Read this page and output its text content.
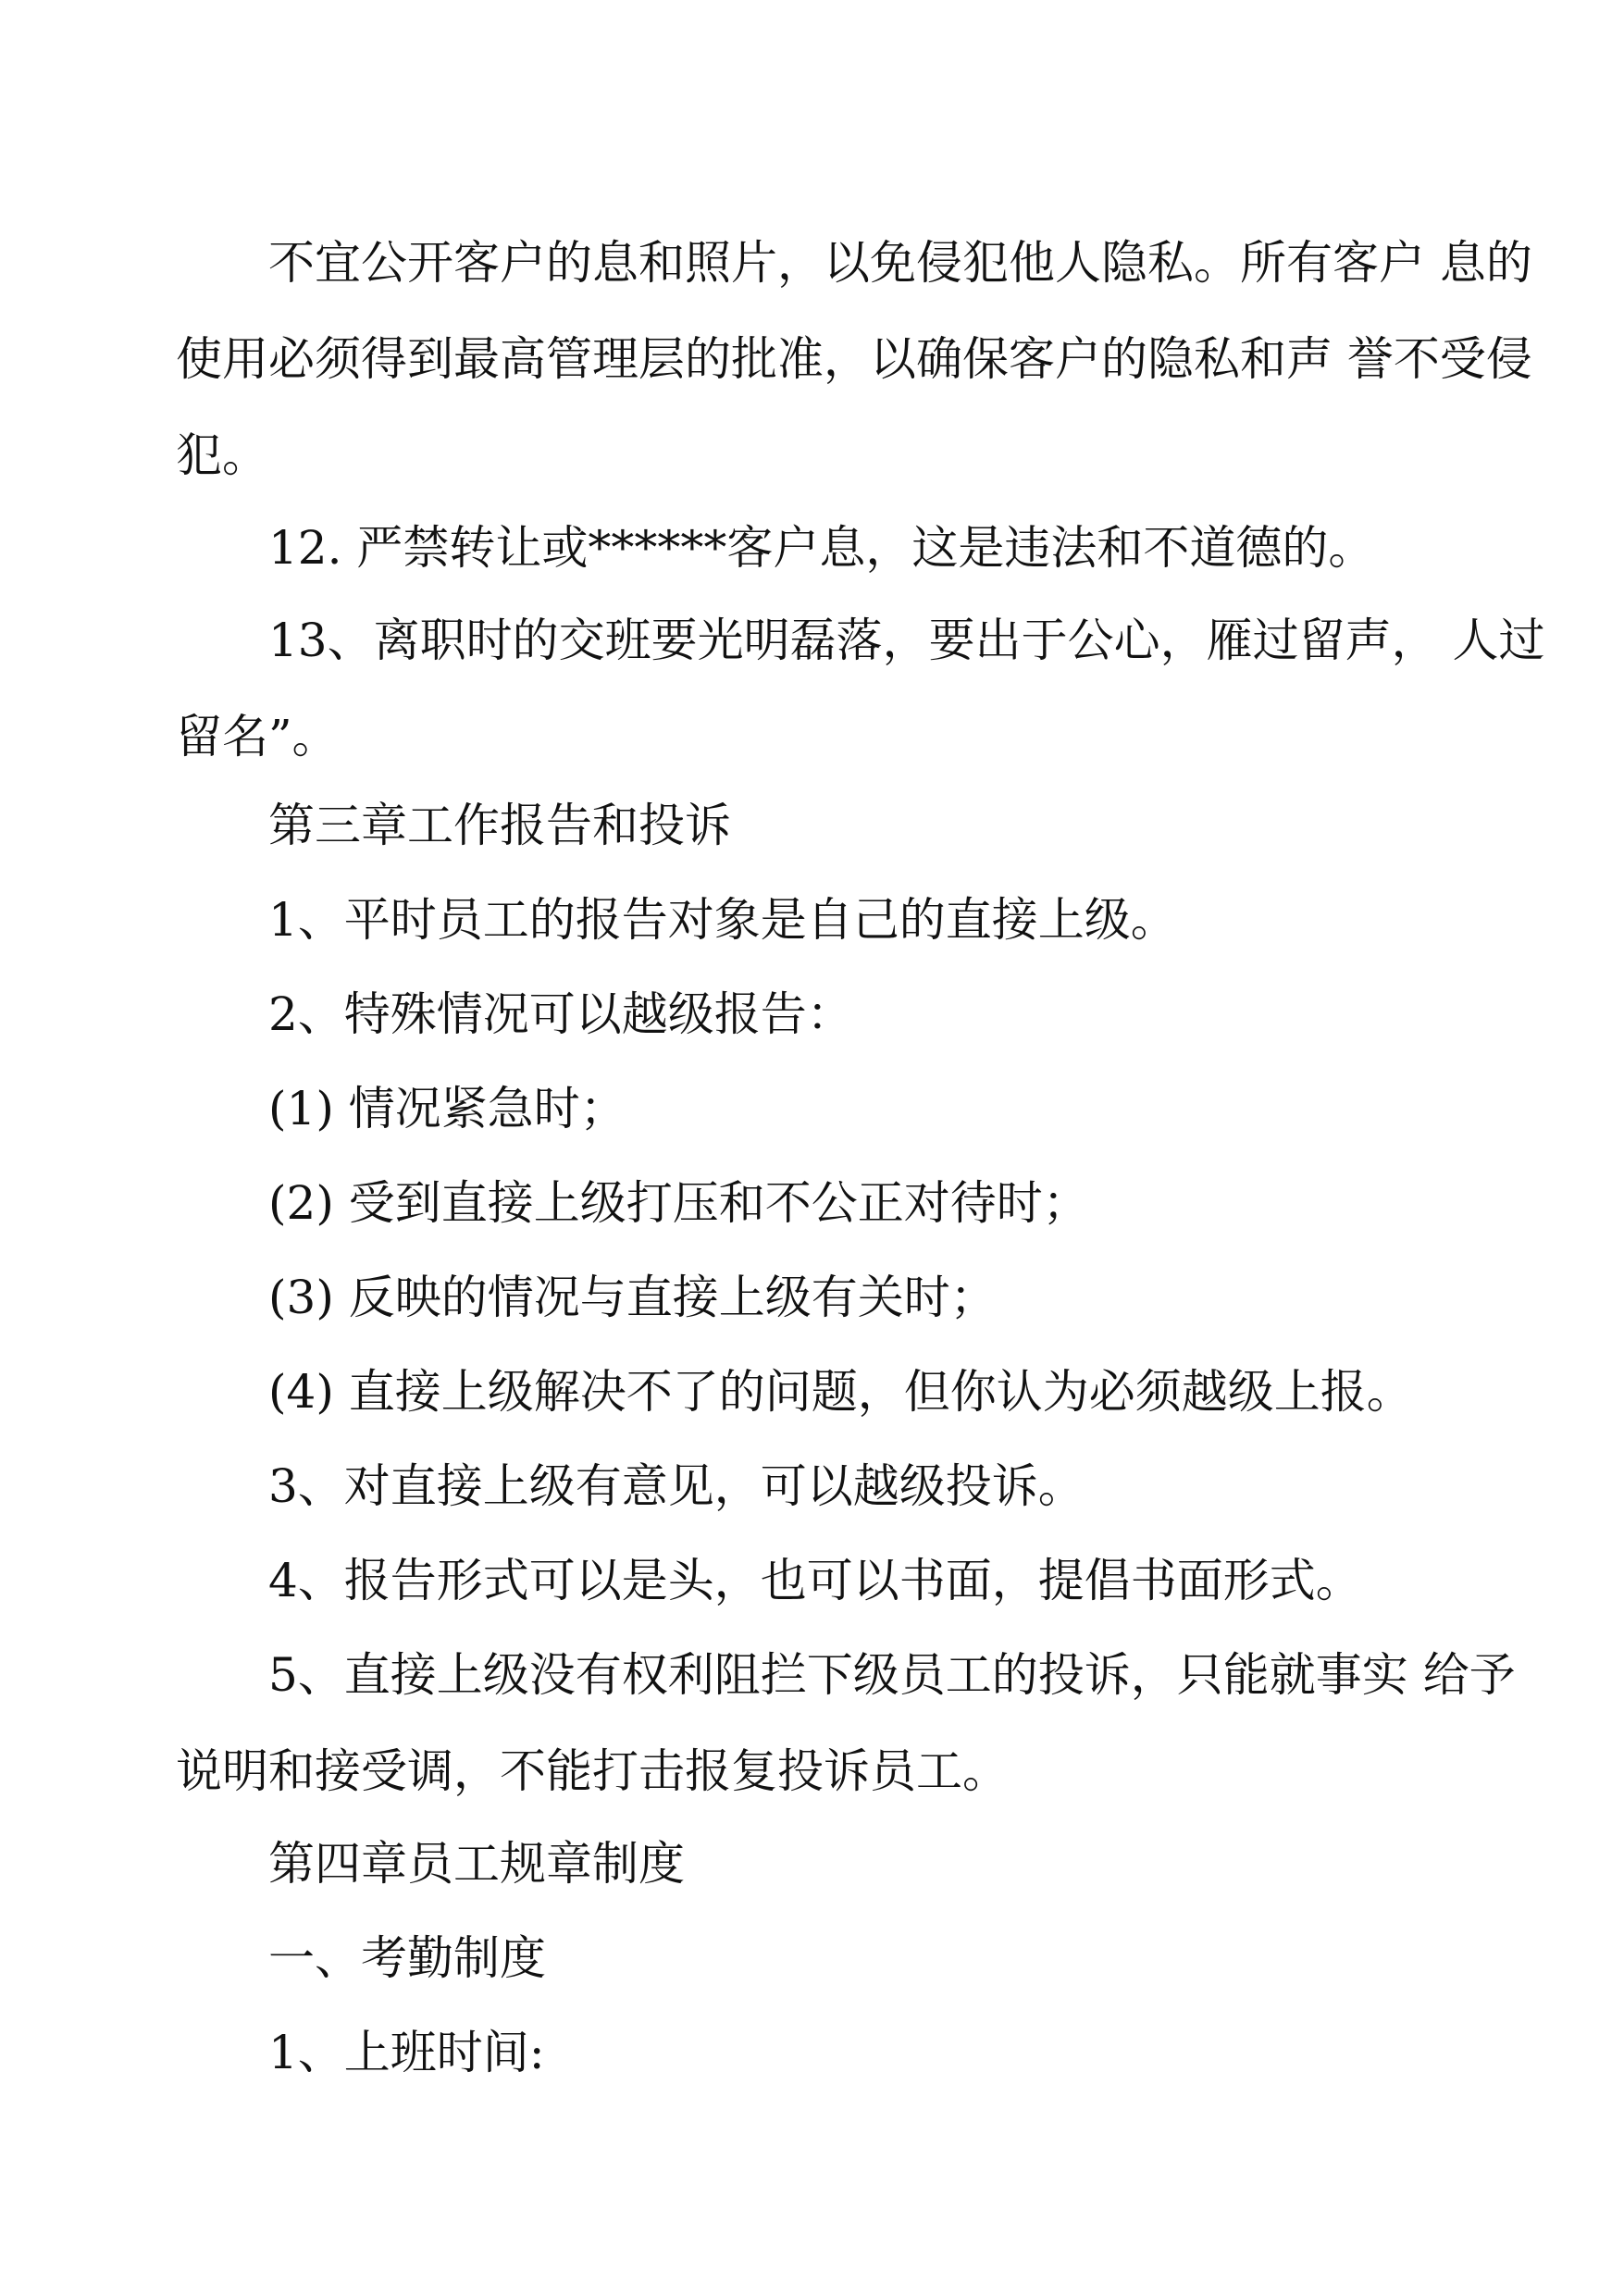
不宜公开客户的息和照片，以免侵犯他人隐私。所有客户 息的
使用必须得到最高管理层的批准，以确保客户的隐私和声 誉不受侵
犯。
12. 严禁转让或******客户息，这是违法和不道德的。
13、离职时的交班要光明磊落，要出于公心，雁过留声， 人过
留名”。
第三章工作报告和投诉
1、平时员工的报告对象是自己的直接上级。
2、特殊情况可以越级报告：
(1) 情况紧急时；
(2) 受到直接上级打压和不公正对待时；
(3) 反映的情况与直接上级有关时；
(4) 直接上级解决不了的问题，但你认为必须越级上报。
3、对直接上级有意见，可以越级投诉。
4、报告形式可以是头，也可以书面，提倡书面形式。
5、直接上级没有权利阻拦下级员工的投诉，只能就事实 给予
说明和接受调，不能打击报复投诉员工。
第四章员工规章制度
一、考勤制度
1、上班时间:
